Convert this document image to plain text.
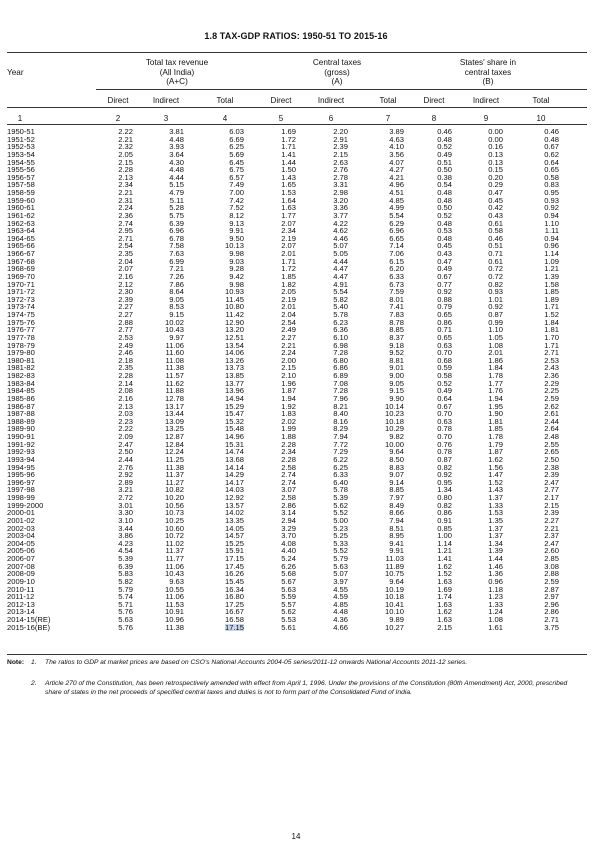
1.8 TAX-GDP RATIOS: 1950-51 TO 2015-16
Year
Total tax revenue
(All India)
(A+C)
Central taxes
(gross)
(A)
States' share in
central taxes
(B)
Direct	Indirect	Total	Direct	Indirect	Total	Direct	Indirect	Total
1	2	3	4	5	6	7	8	9	10
1950-51	2.22	3.81	6.03	1.69	2.20	3.89	0.46	0.00	0.46
1951-52	2.21	4.48	6.69	1.72	2.91	4.63	0.48	0.00	0.48
1952-53	2.32	3.93	6.25	1.71	2.39	4.10	0.52	0.16	0.67
1953-54	2.05	3.64	5.69	1.41	2.15	3.56	0.49	0.13	0.62
1954-55	2.15	4.30	6.45	1.44	2.63	4.07	0.51	0.13	0.64
1955-56	2.28	4.48	6.75	1.50	2.76	4.27	0.50	0.15	0.65
1956-57	2.13	4.44	6.57	1.43	2.78	4.21	0.38	0.20	0.58
1957-58	2.34	5.15	7.49	1.65	3.31	4.96	0.54	0.29	0.83
1958-59	2.21	4.79	7.00	1.53	2.98	4.51	0.48	0.47	0.95
1959-60	2.31	5.11	7.42	1.64	3.20	4.85	0.48	0.45	0.93
1960-61	2.24	5.28	7.52	1.63	3.36	4.99	0.50	0.42	0.92
1961-62	2.36	5.75	8.12	1.77	3.77	5.54	0.52	0.43	0.94
1962-63	2.74	6.39	9.13	2.07	4.22	6.29	0.48	0.61	1.10
1963-64	2.95	6.96	9.91	2.34	4.62	6.96	0.53	0.58	1.11
1964-65	2.71	6.78	9.50	2.19	4.46	6.65	0.48	0.46	0.94
1965-66	2.54	7.58	10.13	2.07	5.07	7.14	0.45	0.51	0.96
1966-67	2.35	7.63	9.98	2.01	5.05	7.06	0.43	0.71	1.14
1967-68	2.04	6.99	9.03	1.71	4.44	6.15	0.47	0.61	1.09
1968-69	2.07	7.21	9.28	1.72	4.47	6.20	0.49	0.72	1.21
1969-70	2.16	7.26	9.42	1.85	4.47	6.33	0.67	0.72	1.39
1970-71	2.12	7.86	9.98	1.82	4.91	6.73	0.77	0.82	1.58
1971-72	2.30	8.64	10.93	2.05	5.54	7.59	0.92	0.93	1.85
1972-73	2.39	9.05	11.45	2.19	5.82	8.01	0.88	1.01	1.89
1973-74	2.27	8.53	10.80	2.01	5.40	7.41	0.79	0.92	1.71
1974-75	2.27	9.15	11.42	2.04	5.78	7.83	0.65	0.87	1.52
1975-76	2.88	10.02	12.90	2.54	6.23	8.78	0.86	0.99	1.84
1976-77	2.77	10.43	13.20	2.49	6.36	8.85	0.71	1.10	1.81
1977-78	2.53	9.97	12.51	2.27	6.10	8.37	0.65	1.05	1.70
1978-79	2.49	11.06	13.54	2.21	6.98	9.18	0.63	1.08	1.71
1979-80	2.46	11.60	14.06	2.24	7.28	9.52	0.70	2.01	2.71
1980-81	2.18	11.08	13.26	2.00	6.80	8.81	0.68	1.86	2.53
1981-82	2.35	11.38	13.73	2.15	6.86	9.01	0.59	1.84	2.43
1982-83	2.28	11.57	13.85	2.10	6.89	9.00	0.58	1.78	2.36
1983-84	2.14	11.62	13.77	1.96	7.08	9.05	0.52	1.77	2.29
1984-85	2.08	11.88	13.96	1.87	7.28	9.15	0.49	1.76	2.25
1985-86	2.16	12.78	14.94	1.94	7.96	9.90	0.64	1.94	2.59
1986-87	2.13	13.17	15.29	1.92	8.21	10.14	0.67	1.95	2.62
1987-88	2.03	13.44	15.47	1.83	8.40	10.23	0.70	1.90	2.61
1988-89	2.23	13.09	15.32	2.02	8.16	10.18	0.63	1.81	2.44
1989-90	2.22	13.25	15.48	1.99	8.29	10.29	0.78	1.85	2.64
1990-91	2.09	12.87	14.96	1.88	7.94	9.82	0.70	1.78	2.48
1991-92	2.47	12.84	15.31	2.28	7.72	10.00	0.76	1.79	2.55
1992-93	2.50	12.24	14.74	2.34	7.29	9.64	0.78	1.87	2.65
1993-94	2.44	11.25	13.68	2.28	6.22	8.50	0.87	1.62	2.50
1994-95	2.76	11.38	14.14	2.58	6.25	8.83	0.82	1.56	2.38
1995-96	2.92	11.37	14.29	2.74	6.33	9.07	0.92	1.47	2.39
1996-97	2.89	11.27	14.17	2.74	6.40	9.14	0.95	1.52	2.47
1997-98	3.21	10.82	14.03	3.07	5.78	8.85	1.34	1.43	2.77
1998-99	2.72	10.20	12.92	2.58	5.39	7.97	0.80	1.37	2.17
1999-2000	3.01	10.56	13.57	2.86	5.62	8.49	0.82	1.33	2.15
2000-01	3.30	10.73	14.02	3.14	5.52	8.66	0.86	1.53	2.39
2001-02	3.10	10.25	13.35	2.94	5.00	7.94	0.91	1.35	2.27
2002-03	3.44	10.60	14.05	3.29	5.23	8.51	0.85	1.37	2.21
2003-04	3.86	10.72	14.57	3.70	5.25	8.95	1.00	1.37	2.37
2004-05	4.23	11.02	15.25	4.08	5.33	9.41	1.14	1.34	2.47
2005-06	4.54	11.37	15.91	4.40	5.52	9.91	1.21	1.39	2.60
2006-07	5.39	11.77	17.15	5.24	5.79	11.03	1.41	1.44	2.85
2007-08	6.39	11.06	17.45	6.26	5.63	11.89	1.62	1.46	3.08
2008-09	5.83	10.43	16.26	5.68	5.07	10.75	1.52	1.36	2.88
2009-10	5.82	9.63	15.45	5.67	3.97	9.64	1.63	0.96	2.59
2010-11	5.79	10.55	16.34	5.63	4.55	10.19	1.69	1.18	2.87
2011-12	5.74	11.06	16.80	5.59	4.59	10.18	1.74	1.23	2.97
2012-13	5.71	11.53	17.25	5.57	4.85	10.41	1.63	1.33	2.96
2013-14	5.76	10.91	16.67	5.62	4.48	10.10	1.62	1.24	2.86
2014-15(RE)	5.63	10.96	16.58	5.53	4.36	9.89	1.63	1.08	2.71
2015-16(BE)	5.76	11.38	17.15	5.61	4.66	10.27	2.15	1.61	3.75
Note: 1.	The ratios to GDP at market prices are based on CSO's National Accounts 2004-05 series/2011-12 onwards National Accounts 2011-12 series.
2. Article 270 of the Constitution, has been retrospectively amended with effect from April 1, 1996. Under the provisions of the Constitution (80th Amendment) Act, 2000, prescribed share of states in the net proceeds of specified central taxes and duties is not to form part of the Consolidated Fund of India.
14
